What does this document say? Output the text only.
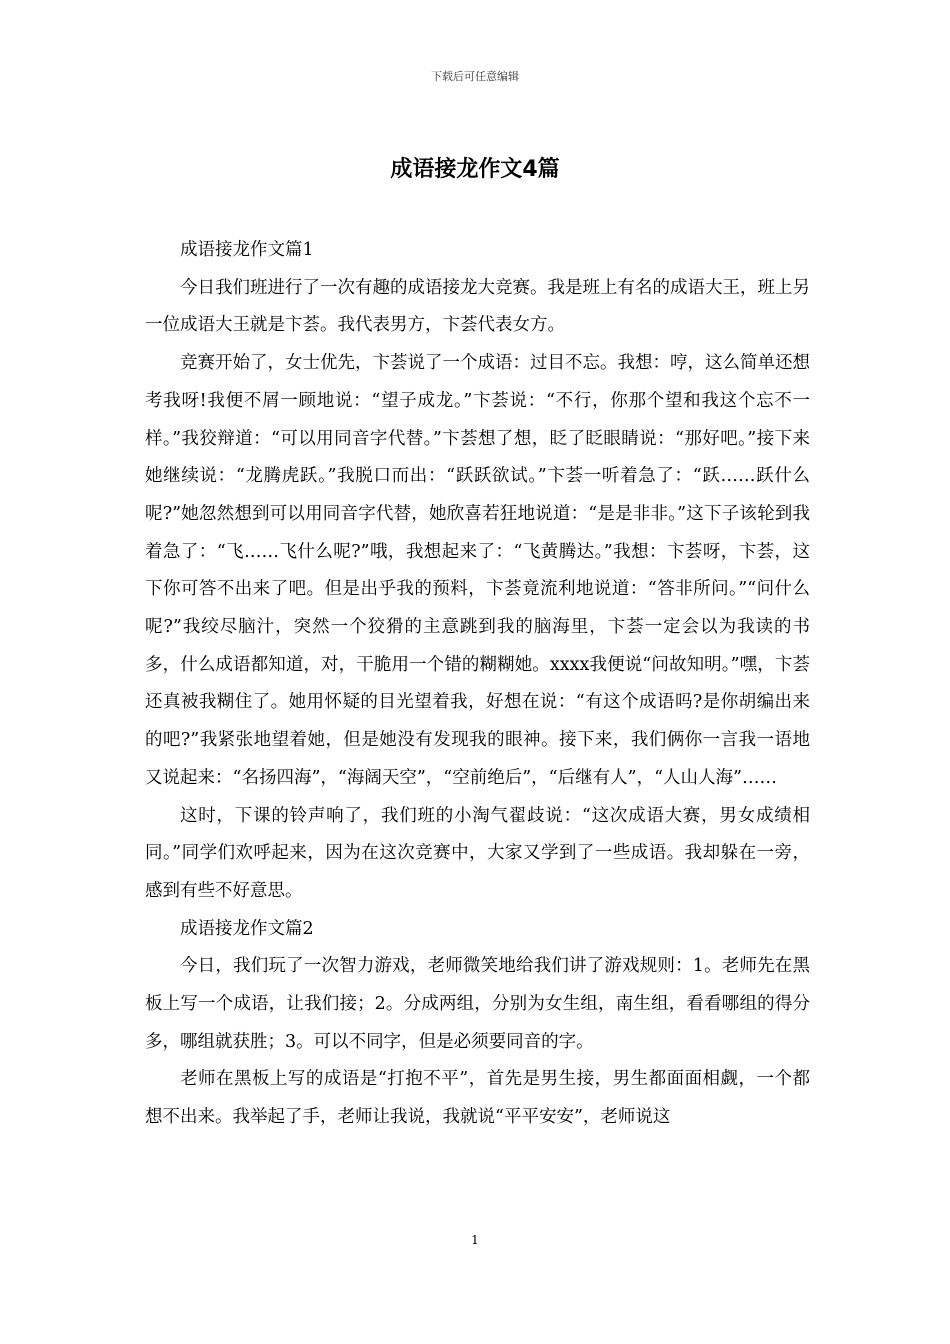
下载后可任意编辑
成语接龙作文4篇

成语接龙作文篇1

今日我们班进行了一次有趣的成语接龙大竞赛。我是班上有名的成语大王，班上另一位成语大王就是卞荟。我代表男方，卞荟代表女方。

竞赛开始了，女士优先，卞荟说了一个成语：过目不忘。我想：哼，这么简单还想考我呀!我便不屑一顾地说：“望子成龙。”卞荟说：“不行，你那个望和我这个忘不一样。”我狡辩道：“可以用同音字代替。”卞荟想了想，眨了眨眼睛说：“那好吧。”接下来她继续说：“龙腾虎跃。”我脱口而出：“跃跃欲试。”卞荟一听着急了：“跃……跃什么呢?”她忽然想到可以用同音字代替，她欣喜若狂地说道：“是是非非。”这下子该轮到我着急了：“飞……飞什么呢?”哦，我想起来了：“飞黄腾达。”我想：卞荟呀，卞荟，这下你可答不出来了吧。但是出乎我的预料，卞荟竟流利地说道：“答非所问。”“问什么呢?”我绞尽脑汁，突然一个狡猾的主意跳到我的脑海里，卞荟一定会以为我读的书多，什么成语都知道，对，干脆用一个错的糊糊她。xxxx我便说“问故知明。”嘿，卞荟还真被我糊住了。她用怀疑的目光望着我，好想在说：“有这个成语吗?是你胡编出来的吧?”我紧张地望着她，但是她没有发现我的眼神。接下来，我们俩你一言我一语地又说起来：“名扬四海”，“海阔天空”，“空前绝后”，“后继有人”，“人山人海”……

这时，下课的铃声响了，我们班的小淘气翟歧说：“这次成语大赛，男女成绩相同。”同学们欢呼起来，因为在这次竞赛中，大家又学到了一些成语。我却躲在一旁，感到有些不好意思。

成语接龙作文篇2

今日，我们玩了一次智力游戏，老师微笑地给我们讲了游戏规则：1。老师先在黑板上写一个成语，让我们接；2。分成两组，分别为女生组，南生组，看看哪组的得分多，哪组就获胜；3。可以不同字，但是必须要同音的字。

老师在黑板上写的成语是“打抱不平”，首先是男生接，男生都面面相觑，一个都想不出来。我举起了手，老师让我说，我就说“平平安安”，老师说这

1
